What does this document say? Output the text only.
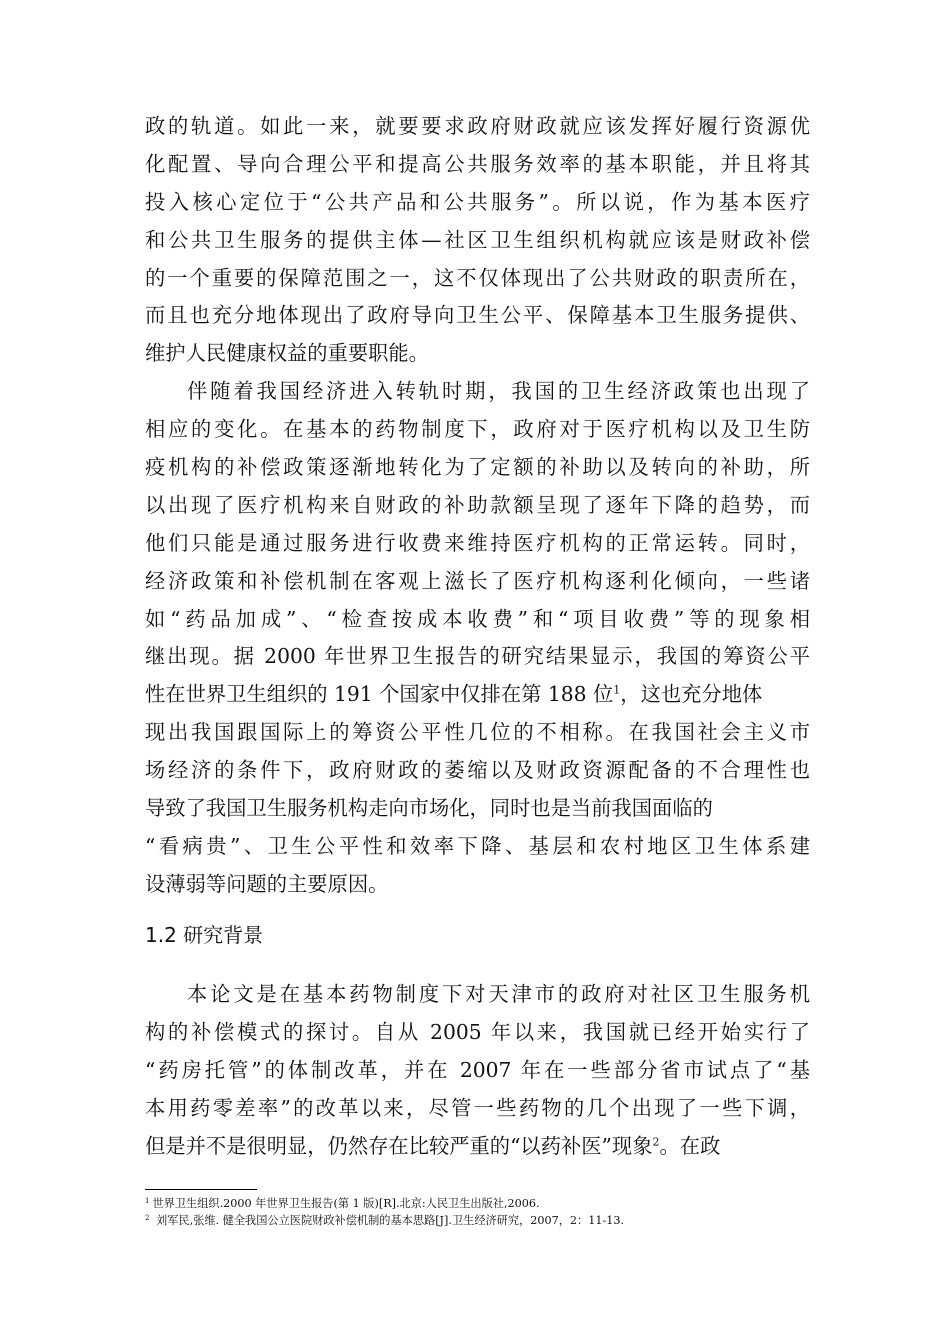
政的轨道。如此一来，就要要求政府财政就应该发挥好履行资源优
化配置、导向合理公平和提高公共服务效率的基本职能，并且将其
投入核心定位于“公共产品和公共服务”。所以说，作为基本医疗
和公共卫生服务的提供主体—社区卫生组织机构就应该是财政补偿
的一个重要的保障范围之一，这不仅体现出了公共财政的职责所在，
而且也充分地体现出了政府导向卫生公平、保障基本卫生服务提供、
维护人民健康权益的重要职能。
伴随着我国经济进入转轨时期，我国的卫生经济政策也出现了
相应的变化。在基本的药物制度下，政府对于医疗机构以及卫生防
疫机构的补偿政策逐渐地转化为了定额的补助以及转向的补助，所
以出现了医疗机构来自财政的补助款额呈现了逐年下降的趋势，而
他们只能是通过服务进行收费来维持医疗机构的正常运转。同时，
经济政策和补偿机制在客观上滋长了医疗机构逐利化倾向，一些诸
如“药品加成”、“检查按成本收费”和“项目收费”等的现象相
继出现。据 2000 年世界卫生报告的研究结果显示，我国的筹资公平
性在世界卫生组织的 191 个国家中仅排在第 188 位$^1$，这也充分地体
现出我国跟国际上的筹资公平性几位的不相称。在我国社会主义市
场经济的条件下，政府财政的萎缩以及财政资源配备的不合理性也
导致了我国卫生服务机构走向市场化，同时也是当前我国面临的
“看病贵”、卫生公平性和效率下降、基层和农村地区卫生体系建
设薄弱等问题的主要原因。
1.2 研究背景
本论文是在基本药物制度下对天津市的政府对社区卫生服务机
构的补偿模式的探讨。自从 2005 年以来，我国就已经开始实行了
“药房托管”的体制改革，并在 2007 年在一些部分省市试点了“基
本用药零差率”的改革以来，尽管一些药物的几个出现了一些下调，
但是并不是很明显，仍然存在比较严重的“以药补医”现象$^2$。在政
$^1$ 世界卫生组织.2000 年世界卫生报告(第 1 版)[R].北京:人民卫生出版社,2006.
$^2$ 刘军民,张维. 健全我国公立医院财政补偿机制的基本思路[J].卫生经济研究，2007，2：11-13.
